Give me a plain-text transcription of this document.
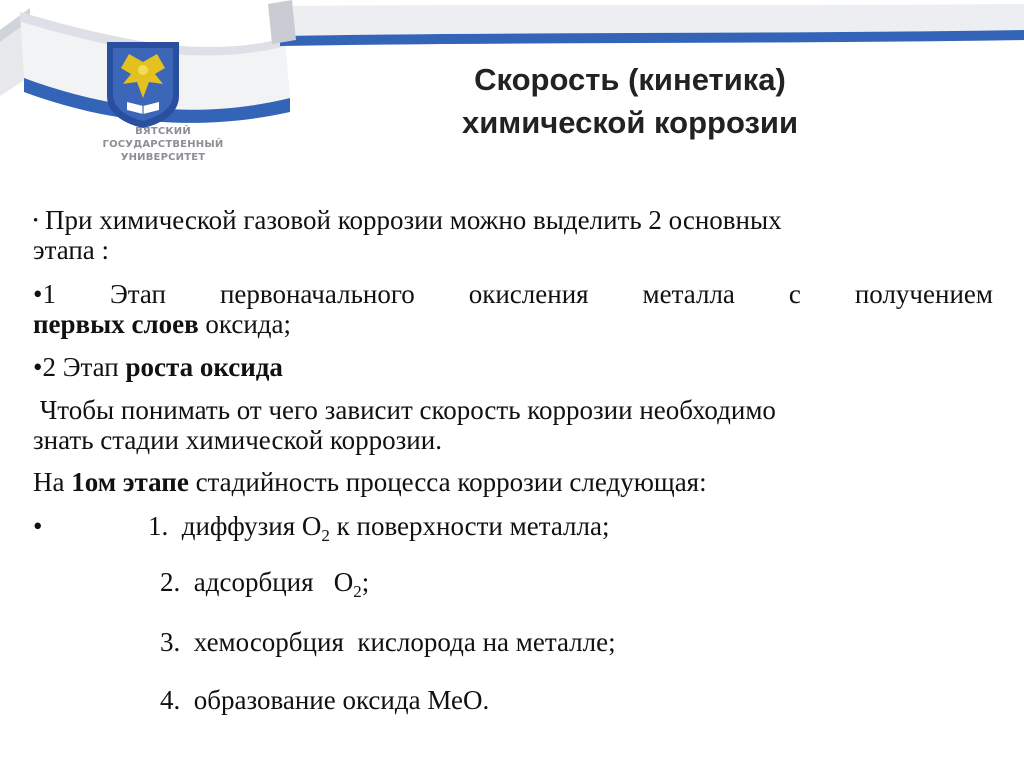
ВЯТСКИЙ
ГОСУДАРСТВЕННЫЙ
УНИВЕРСИТЕТ
Скорость (кинетика)
химической коррозии
• При химической газовой коррозии можно выделить 2 основных
этапа :
•1 Этап первоначального окисления металла с получением
первых слоев оксида;
•2 Этап роста оксида
Чтобы понимать от чего зависит скорость коррозии необходимо
знать стадии химической коррозии.
На 1ом этапе стадийность процесса коррозии следующая:
•	1.  диффузия $О_2$ к поверхности металла;
2.  адсорбция   $О_2$;
3.  хемосорбция  кислорода на металле;
4.  образование оксида МеО.
